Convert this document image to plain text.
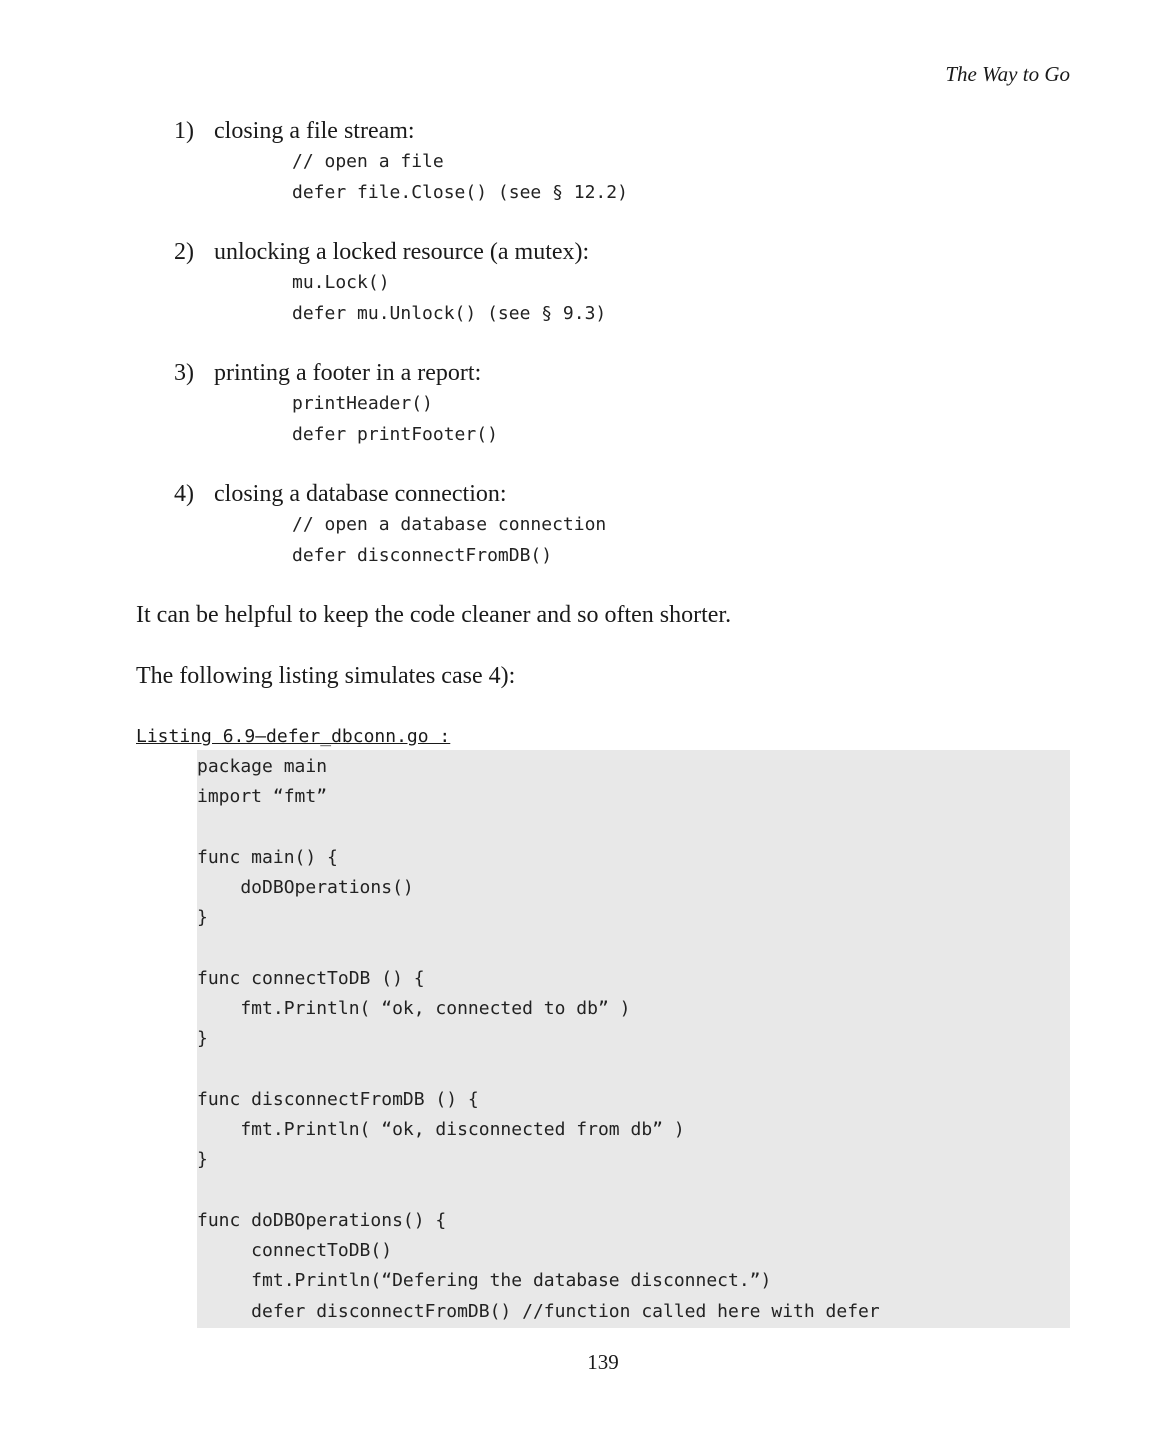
The Way to Go
1) closing a file stream:
// open a file
defer file.Close() (see § 12.2)
2) unlocking a locked resource (a mutex):
mu.Lock()
defer mu.Unlock() (see § 9.3)
3) printing a footer in a report:
printHeader()
defer printFooter()
4) closing a database connection:
// open a database connection
defer disconnectFromDB()
It can be helpful to keep the code cleaner and so often shorter.
The following listing simulates case 4):
Listing 6.9—defer_dbconn.go :
package main
import “fmt”

func main() {
doDBOperations()
}

func connectToDB () {
fmt.Println( “ok, connected to db” )
}

func disconnectFromDB () {
fmt.Println( “ok, disconnected from db” )
}

func doDBOperations() {
connectToDB()
fmt.Println(“Defering the database disconnect.”)
defer disconnectFromDB() //function called here with defer
139
